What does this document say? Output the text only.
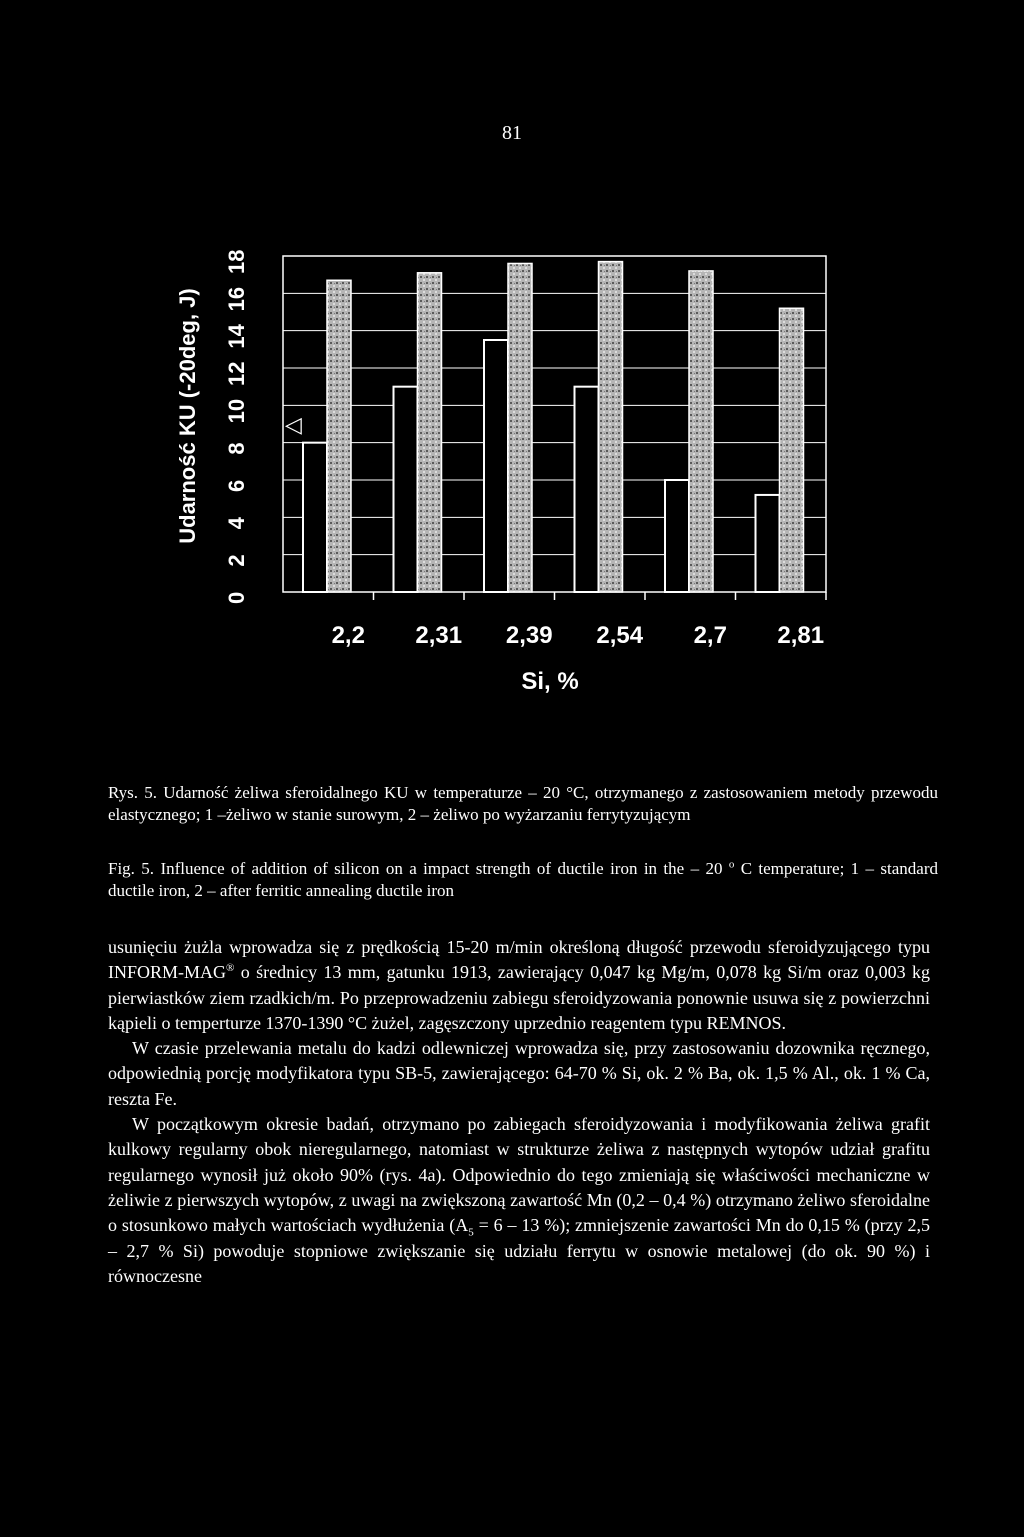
81
◁
Udarność KU (-20deg, J)
0
2
4
6
8
10
12
14
16
18
2,2	2,31	2,39	2,54	2,7	2,81
Si, %
Rys. 5. Udarność żeliwa sferoidalnego KU w temperaturze – 20 °C, otrzymanego z zastosowaniem metody przewodu elastycznego; 1 –żeliwo w stanie surowym, 2 – żeliwo po wyżarzaniu ferrytyzującym
Fig. 5. Influence of addition of silicon on a impact strength of ductile iron in the – 20 $^o$ C temperature; 1 – standard ductile iron, 2 – after ferritic annealing ductile iron

usunięciu żużla wprowadza się z prędkością 15-20 m/min określoną długość przewodu sferoidyzującego typu INFORM-MAG® o średnicy 13 mm, gatunku 1913, zawierający 0,047 kg Mg/m, 0,078 kg Si/m oraz 0,003 kg pierwiastków ziem rzadkich/m. Po przeprowadzeniu zabiegu sferoidyzowania ponownie usuwa się z powierzchni kąpieli o temperturze 1370-1390 °C żużel, zagęszczony uprzednio reagentem typu REMNOS.

W czasie przelewania metalu do kadzi odlewniczej wprowadza się, przy zastosowaniu dozownika ręcznego, odpowiednią porcję modyfikatora typu SB-5, zawierającego: 64-70 % Si, ok. 2 % Ba, ok. 1,5 % Al., ok. 1 % Ca, reszta Fe.

W początkowym okresie badań, otrzymano po zabiegach sferoidyzowania i modyfikowania żeliwa grafit kulkowy regularny obok nieregularnego, natomiast w strukturze żeliwa z następnych wytopów udział grafitu regularnego wynosił już około 90% (rys. 4a). Odpowiednio do tego zmieniają się właściwości mechaniczne w żeliwie z pierwszych wytopów, z uwagi na zwiększoną zawartość Mn (0,2 – 0,4 %) otrzymano żeliwo sferoidalne o stosunkowo małych wartościach wydłużenia ($A_5 = 6 - 13$ %); zmniejszenie zawartości Mn do 0,15 % (przy 2,5 – 2,7 % Si) powoduje stopniowe zwiększanie się udziału ferrytu w osnowie metalowej (do ok. 90 %) i równoczesne
